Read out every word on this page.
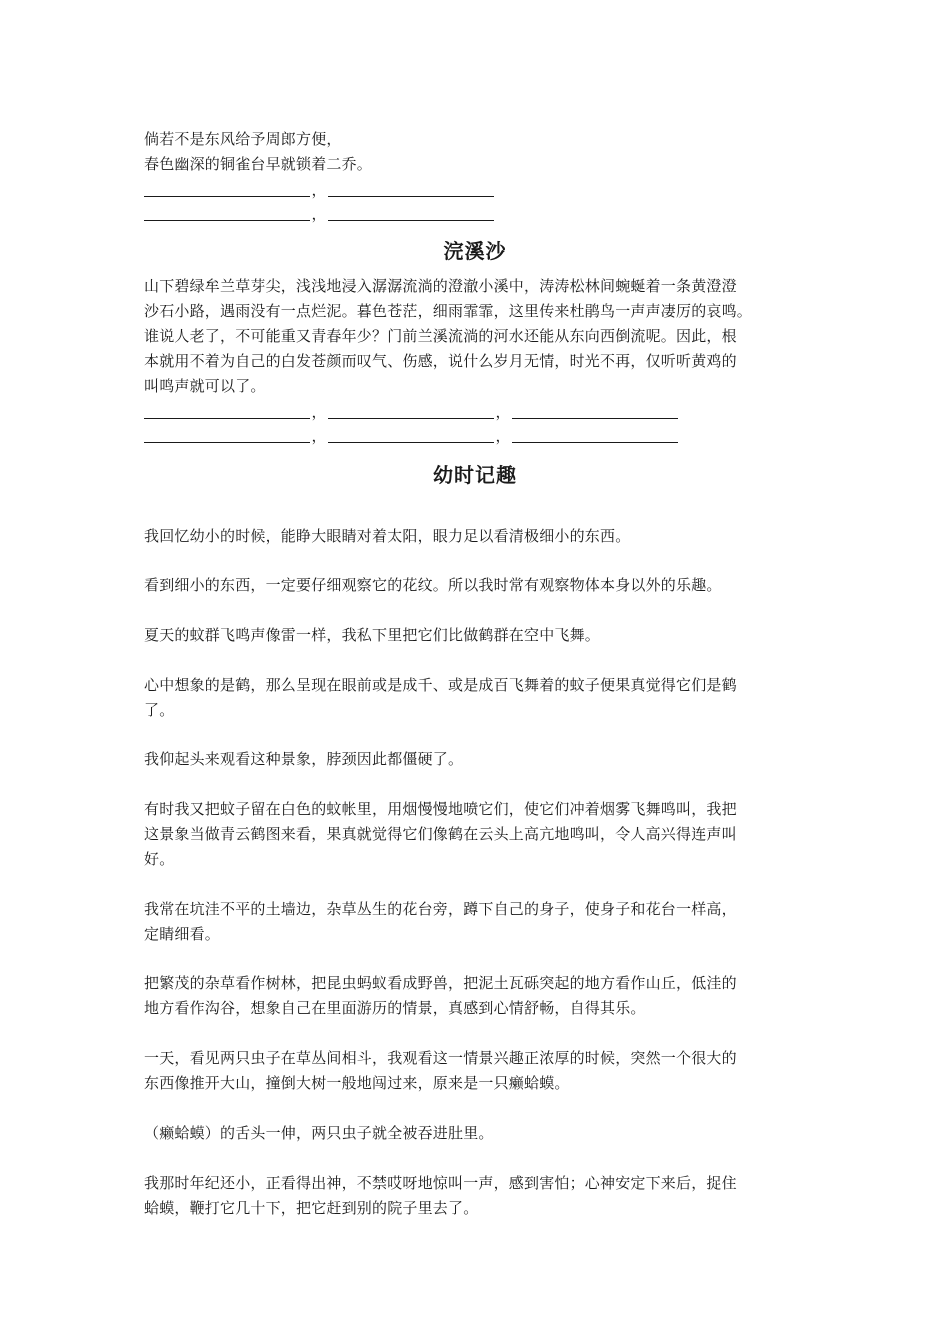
倘若不是东风给予周郎方便，
春色幽深的铜雀台早就锁着二乔。
，
，
浣溪沙
山下碧绿牟兰草芽尖，浅浅地浸入潺潺流淌的澄澈小溪中，涛涛松林间蜿蜒着一条黄澄澄
沙石小路，遇雨没有一点烂泥。暮色苍茫，细雨霏霏，这里传来杜鹃鸟一声声凄厉的哀鸣。
谁说人老了，不可能重又青春年少？门前兰溪流淌的河水还能从东向西倒流呢。因此，根
本就用不着为自己的白发苍颜而叹气、伤感，说什么岁月无情，时光不再，仅听听黄鸡的
叫鸣声就可以了。
，	，
，	，
幼时记趣
我回忆幼小的时候，能睁大眼睛对着太阳，眼力足以看清极细小的东西。
看到细小的东西，一定要仔细观察它的花纹。所以我时常有观察物体本身以外的乐趣。
夏天的蚊群飞鸣声像雷一样，我私下里把它们比做鹤群在空中飞舞。
心中想象的是鹤，那么呈现在眼前或是成千、或是成百飞舞着的蚊子便果真觉得它们是鹤
了。
我仰起头来观看这种景象，脖颈因此都僵硬了。
有时我又把蚊子留在白色的蚊帐里，用烟慢慢地喷它们，使它们冲着烟雾飞舞鸣叫，我把
这景象当做青云鹤图来看，果真就觉得它们像鹤在云头上高亢地鸣叫，令人高兴得连声叫
好。
我常在坑洼不平的土墙边，杂草丛生的花台旁，蹲下自己的身子，使身子和花台一样高，
定睛细看。
把繁茂的杂草看作树林，把昆虫蚂蚁看成野兽，把泥土瓦砾突起的地方看作山丘，低洼的
地方看作沟谷，想象自己在里面游历的情景，真感到心情舒畅，自得其乐。
一天，看见两只虫子在草丛间相斗，我观看这一情景兴趣正浓厚的时候，突然一个很大的
东西像推开大山，撞倒大树一般地闯过来，原来是一只癞蛤蟆。
（癞蛤蟆）的舌头一伸，两只虫子就全被吞进肚里。
我那时年纪还小，正看得出神，不禁哎呀地惊叫一声，感到害怕；心神安定下来后，捉住
蛤蟆，鞭打它几十下，把它赶到别的院子里去了。
